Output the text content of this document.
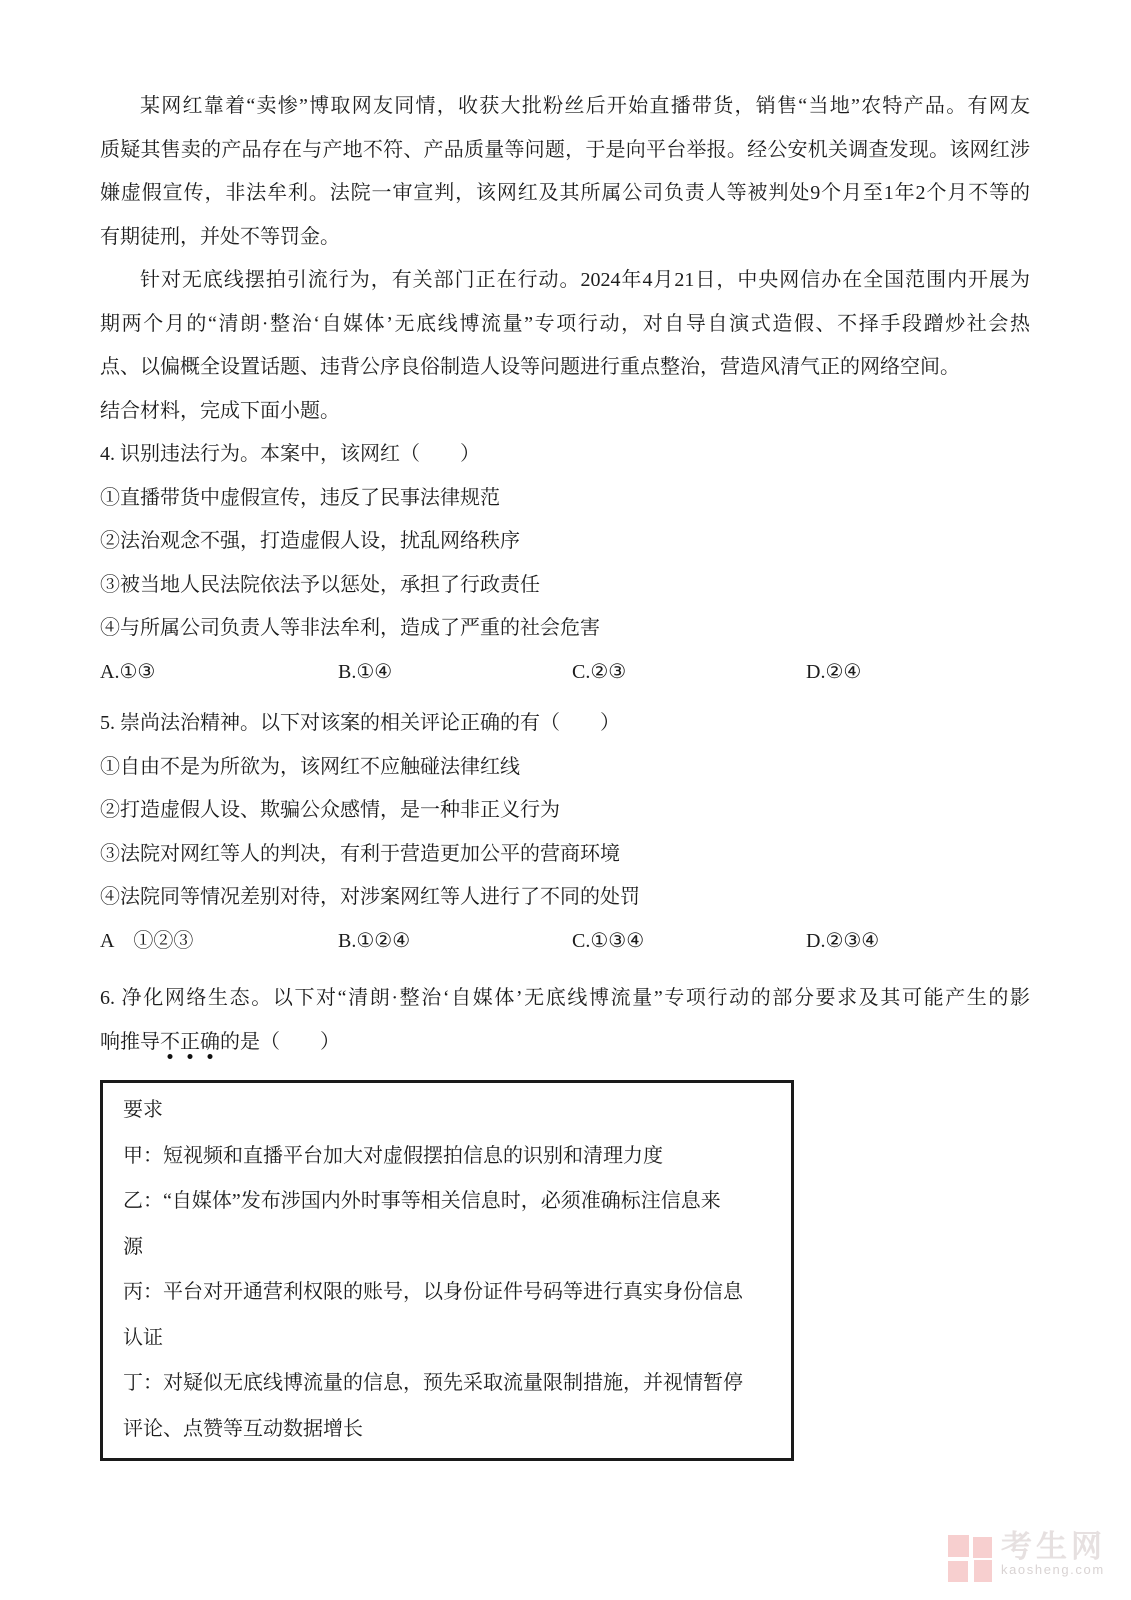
某网红靠着“卖惨”博取网友同情，收获大批粉丝后开始直播带货，销售“当地”农特产品。有网友
质疑其售卖的产品存在与产地不符、产品质量等问题，于是向平台举报。经公安机关调查发现。该网红涉
嫌虚假宣传，非法牟利。法院一审宣判，该网红及其所属公司负责人等被判处9个月至1年2个月不等的
有期徒刑，并处不等罚金。

针对无底线摆拍引流行为，有关部门正在行动。2024年4月21日，中央网信办在全国范围内开展为
期两个月的“清朗·整治‘自媒体’无底线博流量”专项行动，对自导自演式造假、不择手段蹭炒社会热
点、以偏概全设置话题、违背公序良俗制造人设等问题进行重点整治，营造风清气正的网络空间。

结合材料，完成下面小题。

4. 识别违法行为。本案中，该网红（　　）
①直播带货中虚假宣传，违反了民事法律规范
②法治观念不强，打造虚假人设，扰乱网络秩序
③被当地人民法院依法予以惩处，承担了行政责任
④与所属公司负责人等非法牟利，造成了严重的社会危害
A.①③	B.①④	C.②③	D.②④
5. 崇尚法治精神。以下对该案的相关评论正确的有（　　）
①自由不是为所欲为，该网红不应触碰法律红线
②打造虚假人设、欺骗公众感情，是一种非正义行为
③法院对网红等人的判决，有利于营造更加公平的营商环境
④法院同等情况差别对待，对涉案网红等人进行了不同的处罚
A　①②③	B.①②④	C.①③④	D.②③④
6. 净化网络生态。以下对“清朗·整治‘自媒体’无底线博流量”专项行动的部分要求及其可能产生的影
响推导不正确的是（　　）
要求
甲：短视频和直播平台加大对虚假摆拍信息的识别和清理力度
乙：“自媒体”发布涉国内外时事等相关信息时，必须准确标注信息来
源
丙：平台对开通营利权限的账号，以身份证件号码等进行真实身份信息
认证
丁：对疑似无底线博流量的信息，预先采取流量限制措施，并视情暂停
评论、点赞等互动数据增长
考生网
kaosheng.com
